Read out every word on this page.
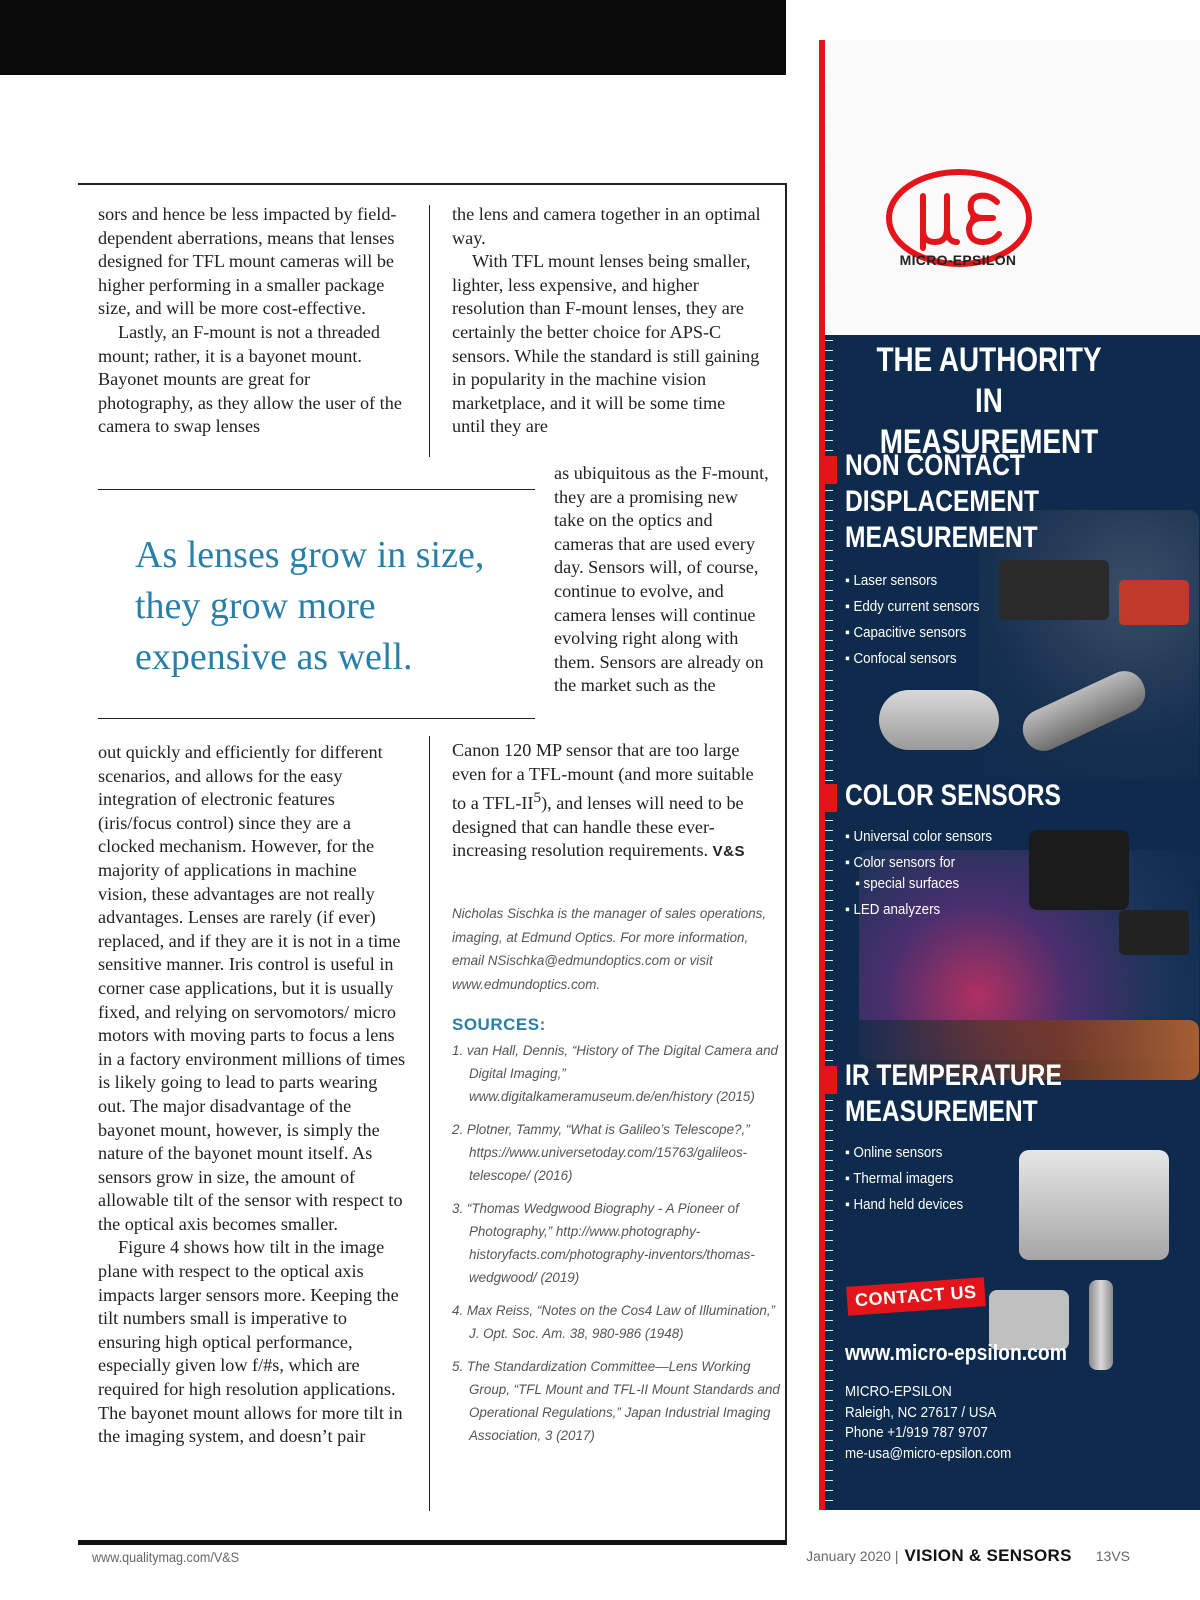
sors and hence be less impacted by field-dependent aberrations, means that lenses designed for TFL mount cameras will be higher performing in a smaller package size, and will be more cost-effective.

Lastly, an F-mount is not a threaded mount; rather, it is a bayonet mount. Bayonet mounts are great for photography, as they allow the user of the camera to swap lenses

As lenses grow in size, they grow more expensive as well.

out quickly and efficiently for different scenarios, and allows for the easy integration of electronic features (iris/focus control) since they are a clocked mechanism. However, for the majority of applications in machine vision, these advantages are not really advantages. Lenses are rarely (if ever) replaced, and if they are it is not in a time sensitive manner. Iris control is useful in corner case applications, but it is usually fixed, and relying on servomotors/ micro motors with moving parts to focus a lens in a factory environment millions of times is likely going to lead to parts wearing out. The major disadvantage of the bayonet mount, however, is simply the nature of the bayonet mount itself. As sensors grow in size, the amount of allowable tilt of the sensor with respect to the optical axis becomes smaller.

Figure 4 shows how tilt in the image plane with respect to the optical axis impacts larger sensors more. Keeping the tilt numbers small is imperative to ensuring high optical performance, especially given low f/#s, which are required for high resolution applications. The bayonet mount allows for more tilt in the imaging system, and doesn’t pair

the lens and camera together in an optimal way.

With TFL mount lenses being smaller, lighter, less expensive, and higher resolution than F-mount lenses, they are certainly the better choice for APS-C sensors. While the standard is still gaining in popularity in the machine vision marketplace, and it will be some time until they are

as ubiquitous as the F-mount, they are a promising new take on the optics and cameras that are used every day. Sensors will, of course, continue to evolve, and camera lenses will continue evolving right along with them. Sensors are already on the market such as the

Canon 120 MP sensor that are too large even for a TFL-mount (and more suitable to a TFL-$II^5$), and lenses will need to be designed that can handle these ever-increasing resolution requirements. V&S

Nicholas Sischka is the manager of sales operations, imaging, at Edmund Optics. For more information, email NSischka@edmundoptics.com or visit www.edmundoptics.com.
SOURCES:
1. van Hall, Dennis, “History of The Digital Camera and Digital Imaging,” www.digitalkameramuseum.de/en/history (2015)
2. Plotner, Tammy, “What is Galileo’s Telescope?,” https://www.universetoday.com/15763/galileos-telescope/ (2016)
3. “Thomas Wedgwood Biography - A Pioneer of Photography,” http://www.photography-historyfacts.com/photography-inventors/thomas-wedgwood/ (2019)
4. Max Reiss, “Notes on the Cos4 Law of Illumination,” J. Opt. Soc. Am. 38, 980-986 (1948)
5. The Standardization Committee—Lens Working Group, “TFL Mount and TFL-II Mount Standards and Operational Regulations,” Japan Industrial Imaging Association, 3 (2017)
MICRO-EPSILON
THE AUTHORITY IN MEASUREMENT
NON CONTACT DISPLACEMENT MEASUREMENT
▪ Laser sensors
▪ Eddy current sensors
▪ Capacitive sensors
▪ Confocal sensors
COLOR SENSORS
▪ Universal color sensors
▪ Color sensors for
▪ special surfaces
▪ LED analyzers
IR TEMPERATURE MEASUREMENT
▪ Online sensors
▪ Thermal imagers
▪ Hand held devices
CONTACT US
www.micro-epsilon.com
MICRO-EPSILON
Raleigh, NC 27617 / USA
Phone +1/919 787 9707
me-usa@micro-epsilon.com
www.qualitymag.com/V&S	January 2020 | VISION & SENSORS 13VS
